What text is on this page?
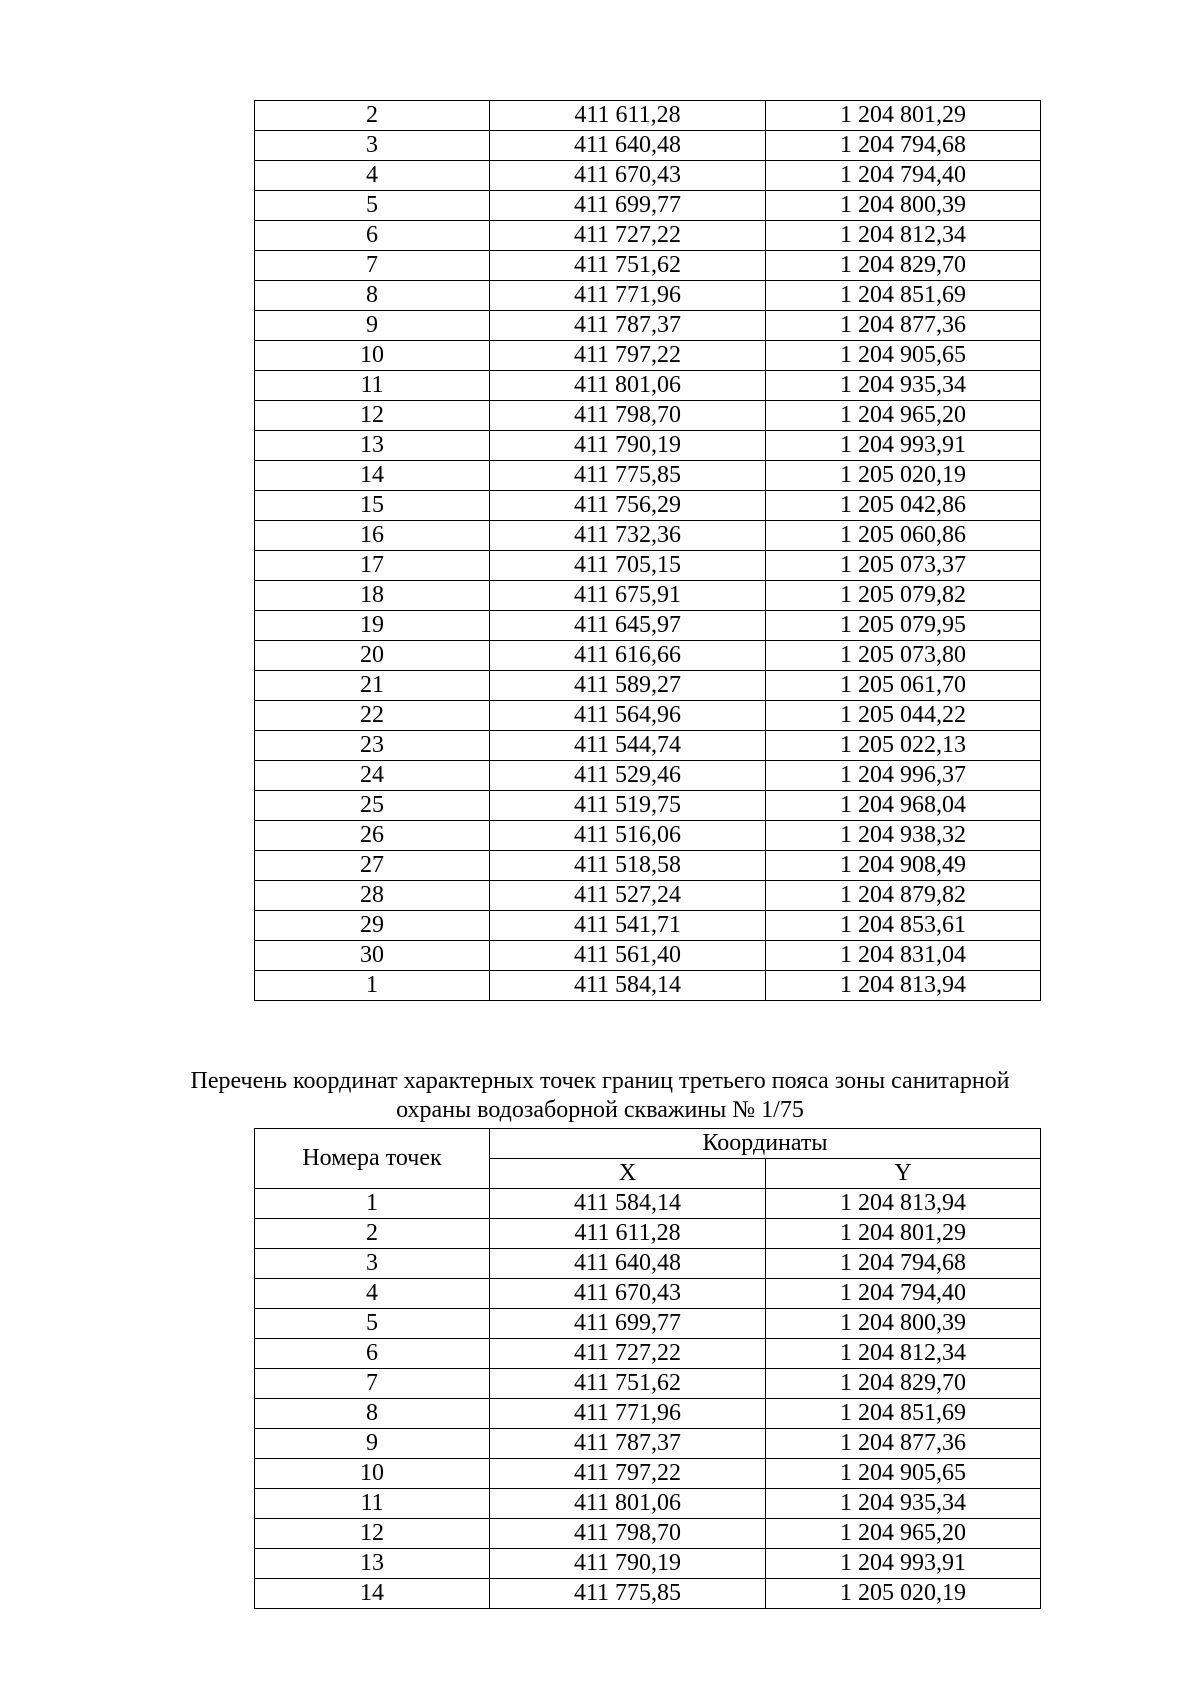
2	411 611,28	1 204 801,29
3	411 640,48	1 204 794,68
4	411 670,43	1 204 794,40
5	411 699,77	1 204 800,39
6	411 727,22	1 204 812,34
7	411 751,62	1 204 829,70
8	411 771,96	1 204 851,69
9	411 787,37	1 204 877,36
10	411 797,22	1 204 905,65
11	411 801,06	1 204 935,34
12	411 798,70	1 204 965,20
13	411 790,19	1 204 993,91
14	411 775,85	1 205 020,19
15	411 756,29	1 205 042,86
16	411 732,36	1 205 060,86
17	411 705,15	1 205 073,37
18	411 675,91	1 205 079,82
19	411 645,97	1 205 079,95
20	411 616,66	1 205 073,80
21	411 589,27	1 205 061,70
22	411 564,96	1 205 044,22
23	411 544,74	1 205 022,13
24	411 529,46	1 204 996,37
25	411 519,75	1 204 968,04
26	411 516,06	1 204 938,32
27	411 518,58	1 204 908,49
28	411 527,24	1 204 879,82
29	411 541,71	1 204 853,61
30	411 561,40	1 204 831,04
1	411 584,14	1 204 813,94
Перечень координат характерных точек границ третьего пояса зоны санитарной
охраны водозаборной скважины № 1/75
Номера точек	Координаты	
	X	Y
1	411 584,14	1 204 813,94
2	411 611,28	1 204 801,29
3	411 640,48	1 204 794,68
4	411 670,43	1 204 794,40
5	411 699,77	1 204 800,39
6	411 727,22	1 204 812,34
7	411 751,62	1 204 829,70
8	411 771,96	1 204 851,69
9	411 787,37	1 204 877,36
10	411 797,22	1 204 905,65
11	411 801,06	1 204 935,34
12	411 798,70	1 204 965,20
13	411 790,19	1 204 993,91
14	411 775,85	1 205 020,19
